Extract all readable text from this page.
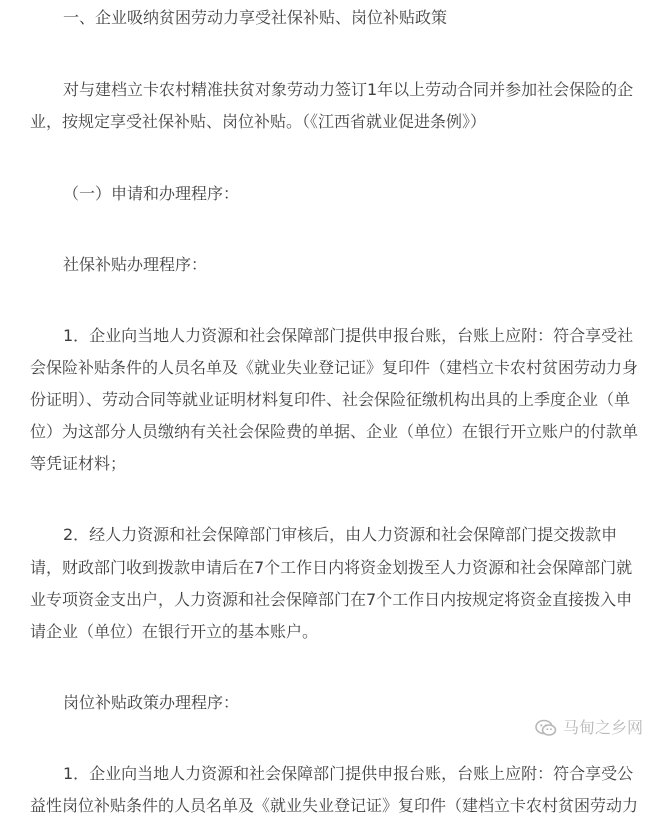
一、企业吸纳贫困劳动力享受社保补贴、岗位补贴政策
对与建档立卡农村精准扶贫对象劳动力签订1年以上劳动合同并参加社会保险的企
业，按规定享受社保补贴、岗位补贴。（《江西省就业促进条例》）
（一）申请和办理程序：
社保补贴办理程序：
1．企业向当地人力资源和社会保障部门提供申报台账，台账上应附：符合享受社
会保险补贴条件的人员名单及《就业失业登记证》复印件（建档立卡农村贫困劳动力身
份证明）、劳动合同等就业证明材料复印件、社会保险征缴机构出具的上季度企业（单
位）为这部分人员缴纳有关社会保险费的单据、企业（单位）在银行开立账户的付款单
等凭证材料；
2．经人力资源和社会保障部门审核后，由人力资源和社会保障部门提交拨款申
请，财政部门收到拨款申请后在7个工作日内将资金划拨至人力资源和社会保障部门就
业专项资金支出户，人力资源和社会保障部门在7个工作日内按规定将资金直接拨入申
请企业（单位）在银行开立的基本账户。
岗位补贴政策办理程序：
1．企业向当地人力资源和社会保障部门提供申报台账，台账上应附：符合享受公
益性岗位补贴条件的人员名单及《就业失业登记证》复印件（建档立卡农村贫困劳动力
马甸之乡网
